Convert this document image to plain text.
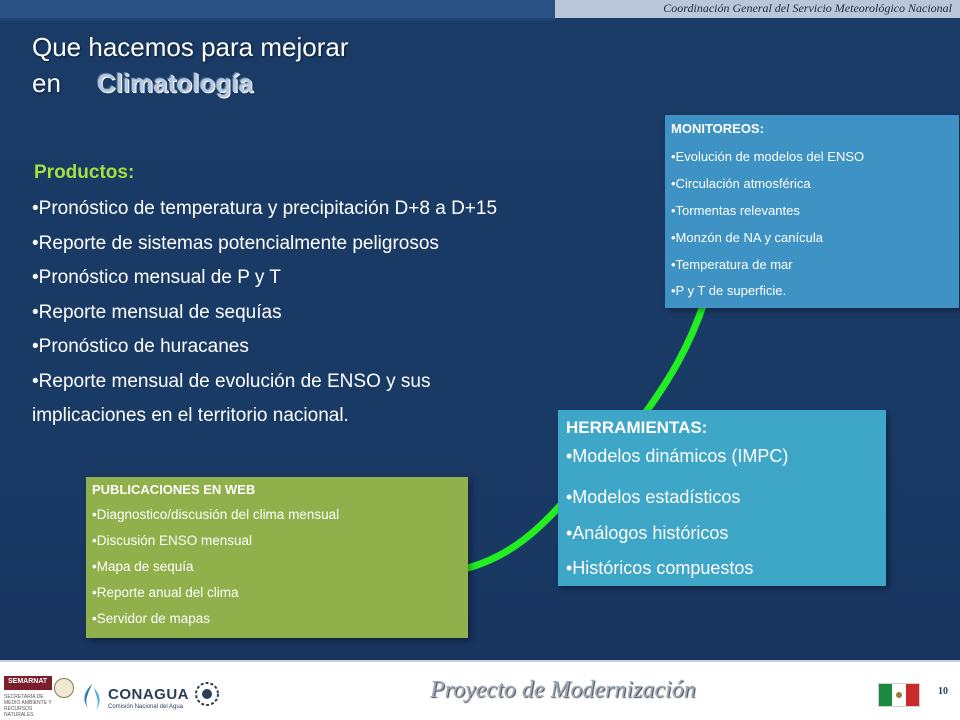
Coordinación General del Servicio Meteorológico Nacional
Que hacemos para mejorar
en Climatología
Productos:
•Pronóstico de temperatura y precipitación D+8 a D+15
•Reporte de sistemas potencialmente peligrosos
•Pronóstico mensual de P y T
•Reporte mensual de sequías
•Pronóstico de huracanes
•Reporte mensual de evolución de ENSO y sus
implicaciones en el territorio nacional.
MONITOREOS:
•Evolución de modelos del ENSO
•Circulación atmosférica
•Tormentas relevantes
•Monzón de NA y canícula
•Temperatura de mar
•P y T de superficie.
HERRAMIENTAS:
•Modelos dinámicos (IMPC)
•Modelos estadísticos
•Análogos históricos
•Históricos compuestos
PUBLICACIONES EN WEB
•Diagnostico/discusión del clima mensual
•Discusión ENSO mensual
•Mapa de sequía
•Reporte anual del clima
•Servidor de mapas
SEMARNAT
SECRETARÍA DE MEDIO AMBIENTE Y RECURSOS NATURALES
CONAGUA
Comisión Nacional del Agua
Proyecto de Modernización	10
